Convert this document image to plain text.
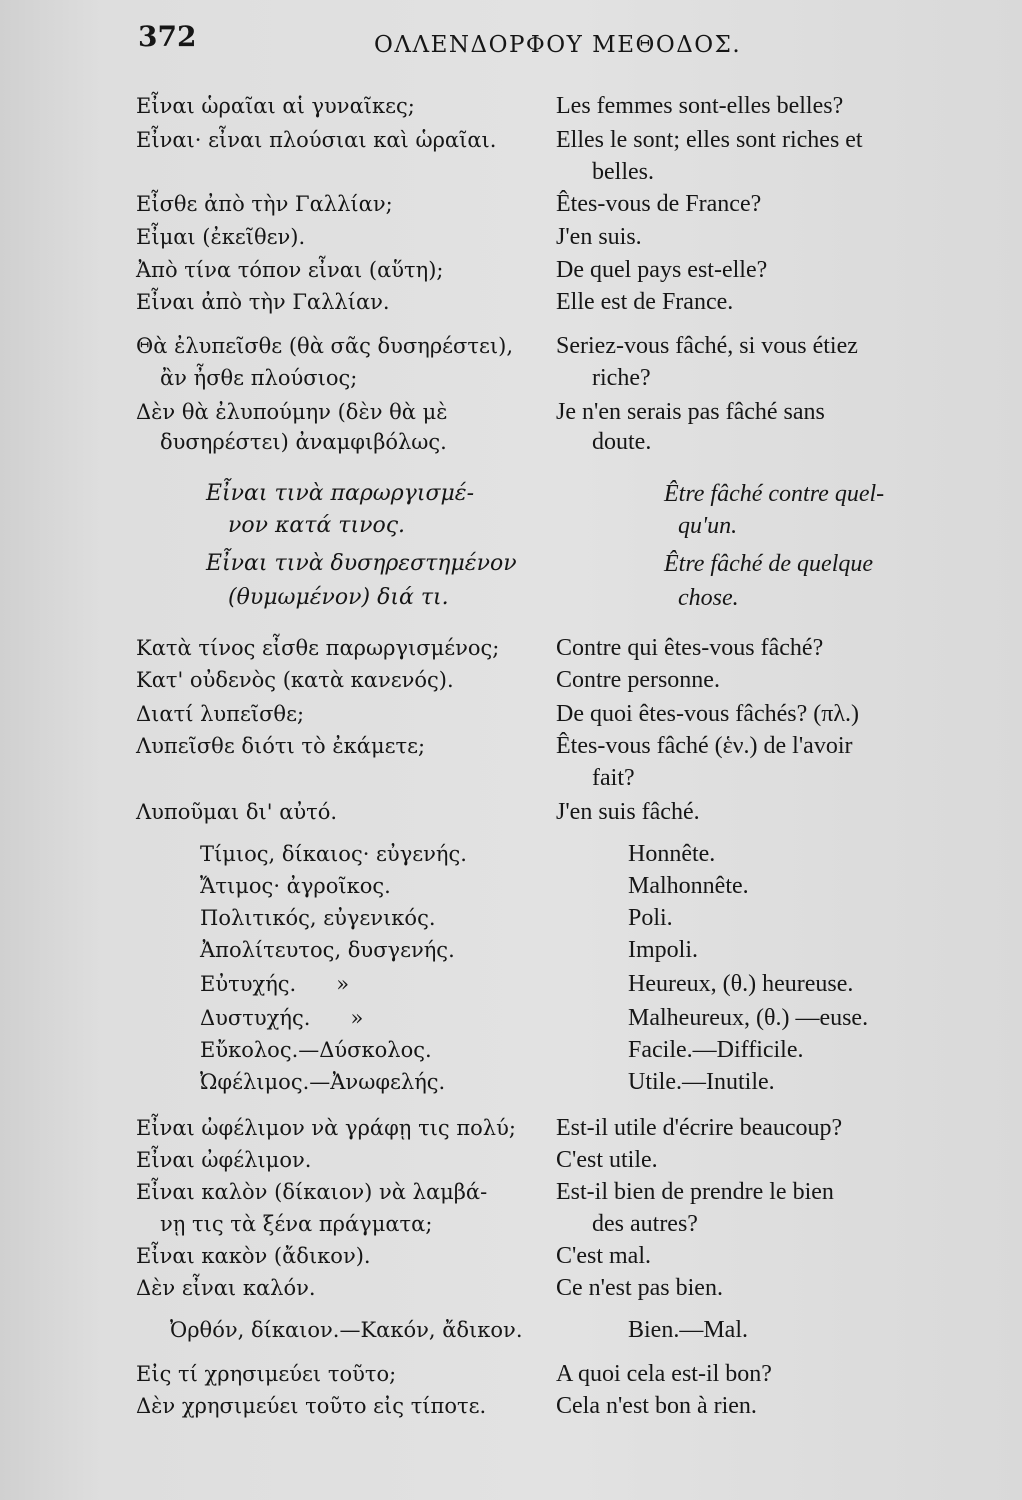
372	ΟΛΛΕΝΔΟΡΦΟΥ ΜΕΘΟΔΟΣ.
Εἶναι ὡραῖαι αἱ γυναῖκες;	Les femmes sont-elles belles?
Εἶναι· εἶναι πλούσιαι καὶ ὡραῖαι. Elles le sont; elles sont riches et
belles.
Εἶσθε ἀπὸ τὴν Γαλλίαν;	Êtes-vous de France?
Εἶμαι (ἐκεῖθεν).	J'en suis.
Ἀπὸ τίνα τόπον εἶναι (αὕτη);	De quel pays est-elle?
Εἶναι ἀπὸ τὴν Γαλλίαν.	Elle est de France.
Θὰ ἐλυπεῖσθε (θὰ σᾶς δυσηρέστει), Seriez-vous fâché, si vous étiez
ἂν ἦσθε πλούσιος;	riche?
Δὲν θὰ ἐλυπούμην (δὲν θὰ μὲ	Je n'en serais pas fâché sans
δυσηρέστει) ἀναμφιβόλως.	doute.
Εἶναι τινὰ παρωργισμέ-	Être fâché contre quel-
νον κατά τινος.	qu'un.
Εἶναι τινὰ δυσηρεστημένον	Être fâché de quelque
(θυμωμένον) διά τι.	chose.
Κατὰ τίνος εἶσθε παρωργισμένος; Contre qui êtes-vous fâché?
Κατ' οὐδενὸς (κατὰ κανενός).	Contre personne.
Διατί λυπεῖσθε;	De quoi êtes-vous fâchés? (πλ.)
Λυπεῖσθε διότι τὸ ἐκάμετε;	Êtes-vous fâché (ἑν.) de l'avoir
fait?
Λυποῦμαι δι' αὐτό.	J'en suis fâché.
Τίμιος, δίκαιος· εὐγενής.	Honnête.
Ἄτιμος· ἀγροῖκος.	Malhonnête.
Πολιτικός, εὐγενικός.	Poli.
Ἀπολίτευτος, δυσγενής.	Impoli.
Εὐτυχής.      »	Heureux, (θ.) heureuse.
Δυστυχής.      »	Malheureux, (θ.) —euse.
Εὔκολος.—Δύσκολος.	Facile.—Difficile.
Ὠφέλιμος.—Ἀνωφελής.	Utile.—Inutile.
Εἶναι ὠφέλιμον νὰ γράφῃ τις πολύ; Est-il utile d'écrire beaucoup?
Εἶναι ὠφέλιμον.	C'est utile.
Εἶναι καλὸν (δίκαιον) νὰ λαμβά-	Est-il bien de prendre le bien
νῃ τις τὰ ξένα πράγματα;	des autres?
Εἶναι κακὸν (ἄδικον).	C'est mal.
Δὲν εἶναι καλόν.	Ce n'est pas bien.
Ὀρθόν, δίκαιον.—Κακόν, ἄδικον.	Bien.—Mal.
Εἰς τί χρησιμεύει τοῦτο;	A quoi cela est-il bon?
Δὲν χρησιμεύει τοῦτο εἰς τίποτε.	Cela n'est bon à rien.
